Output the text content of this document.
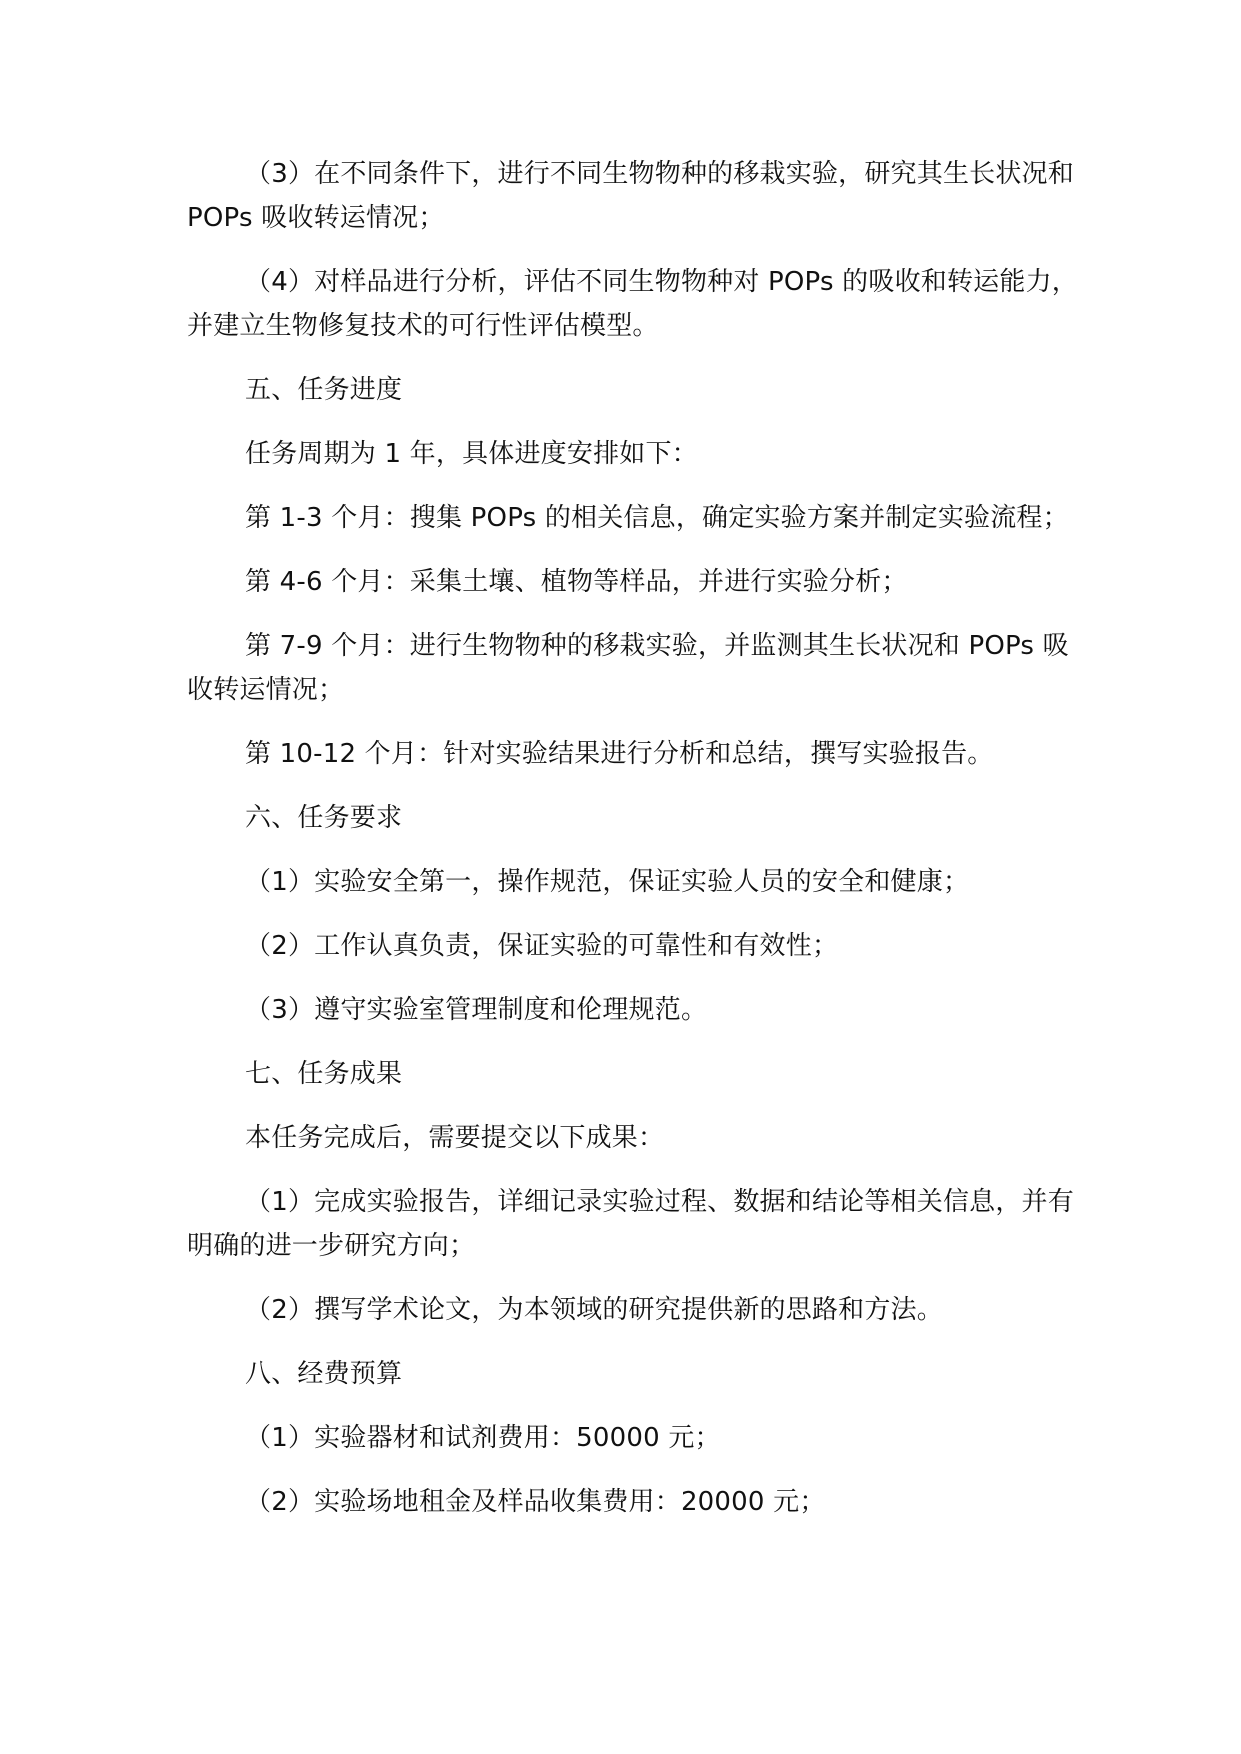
（3）在不同条件下，进行不同生物物种的移栽实验，研究其生长状况和 POPs 吸收转运情况；

（4）对样品进行分析，评估不同生物物种对 POPs 的吸收和转运能力，并建立生物修复技术的可行性评估模型。

五、任务进度

任务周期为 1 年，具体进度安排如下：

第 1-3 个月：搜集 POPs 的相关信息，确定实验方案并制定实验流程；

第 4-6 个月：采集土壤、植物等样品，并进行实验分析；

第 7-9 个月：进行生物物种的移栽实验，并监测其生长状况和 POPs 吸收转运情况；

第 10-12 个月：针对实验结果进行分析和总结，撰写实验报告。

六、任务要求

（1）实验安全第一，操作规范，保证实验人员的安全和健康；

（2）工作认真负责，保证实验的可靠性和有效性；

（3）遵守实验室管理制度和伦理规范。

七、任务成果

本任务完成后，需要提交以下成果：

（1）完成实验报告，详细记录实验过程、数据和结论等相关信息，并有明确的进一步研究方向；

（2）撰写学术论文，为本领域的研究提供新的思路和方法。

八、经费预算

（1）实验器材和试剂费用：50000 元；

（2）实验场地租金及样品收集费用：20000 元；
